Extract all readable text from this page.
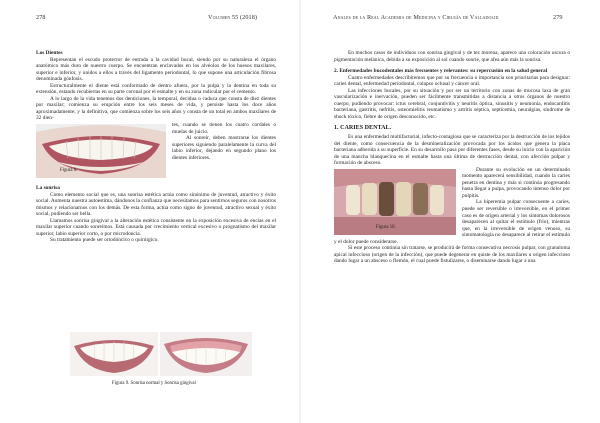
278	Volumen 55 (2018)

Los Dientes

Representan el escudo protector de entrada a la cavidad bucal, siendo por su naturaleza el órgano anatómico más duro de nuestro cuerpo. Se encuentran enclavados en los alvéolos de los huesos maxilares, superior e inferior, y unidos a ellos a través del ligamento periodontal, lo que supone una articulación fibrosa denominada gónfosis.

Estructuralmente el diente está conformado de dentro afuera, por la pulpa y la dentina en toda su extensión, estando recubiertas en su parte coronal por el esmalte y en su zona radicular por el cemento.

A lo largo de la vida tenemos dos denticiones, la temporal, decidua o caduca que consta de diez dientes por maxilar; comienza su erupción entre los seis meses de vida, y persiste hasta los doce años aproximadamente; y la definitiva, que comienza sobre los seis años y consta de un total en ambos maxilares de 32 dien-

Figura 8.

tes, cuando se tienen los cuatro cordales o muelas de juicio.

Al sonreír, deben mostrarse los dientes superiores siguiendo paralelamente la curva del labio inferior, dejando en segundo plano los dientes inferiores.

La sonrisa

Como elemento social que es, una sonrisa estética actúa como sinónimo de juventud, atractivo y éxito social. Aumenta nuestra autoestima, dándonos la confianza que necesitamos para sentirnos seguros con nosotros mismos y relacionarnos con los demás. De esta forma, actúa como signo de juventud, atractivo sexual y éxito social, pudiendo ser bella.

Llamamos sonrisa gingival a la alteración estética consistente en la exposición excesiva de encías en el maxilar superior cuando sonreímos. Está causada por crecimiento vertical excesivo o prognatismo del maxilar superior, labio superior corto, o por microdoncia.

Su tratamiento puede ser ortodóncico o quirúrgico.

Figura 9. Sonrisa normal y Sonrisa gingival
Anales de la Real Academia de Medicina y Cirugía de Valladolid	279

En muchos casos de individuos con sonrisa gingival y de tez morena, aparece una coloración oscura o pigmentación melánica, debida a su exposición al sol cuando sonríe, que afea aún más la sonrisa.

2. Enfermedades bucodentales más frecuentes y relevantes: su repercusión en la salud general

Cuatro enfermedades describiremos que por su frecuencia o importancia son prioritarias para designar: caries dental, enfermedad periodontal, colapso oclusal y cáncer oral.

Las infecciones bucales, por su situación y por ser un territorio con zonas de mucosa laxa de gran vascularización e inervación, pueden ser fácilmente transmitidas a distancia a otros órganos de nuestro cuerpo, pudiendo provocar: ictus cerebral, conjuntivitis y neuritis óptica, sinusitis y neumonía, endocarditis bacteriana, gastritis, nefritis, osteomielitis reumatismo y artritis séptica, septicemia, neuralgias, síndrome de shock tóxico, fiebre de origen desconocido, etc.

1. CARIES DENTAL.

Es una enfermedad multifactorial, infecto-contagiosa que se caracteriza por la destrucción de los tejidos del diente, como consecuencia de la desmineralización provocada por los ácidos que genera la placa bacteriana adherida a su superficie. En su desarrollo pasa por diferentes fases, desde su inicio con la aparición de una mancha blanquecina en el esmalte hasta una última de destrucción dental, con afección pulpar y formación de absceso.

Figura 10.

Durante su evolución en un determinado momento aparecerá sensibilidad, cuando la caries penetra en dentina y más si continúa progresando hasta llegar a pulpa, provocando intenso dolor por pulpitis.

La hiperemia pulpar consecuente a caries, puede ser reversible o irreversible, en el primer caso es de origen arterial y los síntomas dolorosos desaparecen al quitar el estímulo (frío), mientras que, en la irreversible de origen venoso, su sintomatología no desaparece al retirar el estímulo y el dolor puede considerarse.

Si este proceso continúa sin tratarse, se producirá de forma consecutiva necrosis pulpar, con granuloma apical infeccioso (origen de la infección), que puede degenerar en quiste de los maxilares u origen infeccioso dando lugar a un absceso o flemón, el cual puede fistulizarse, o diseminarse dando lugar a una
